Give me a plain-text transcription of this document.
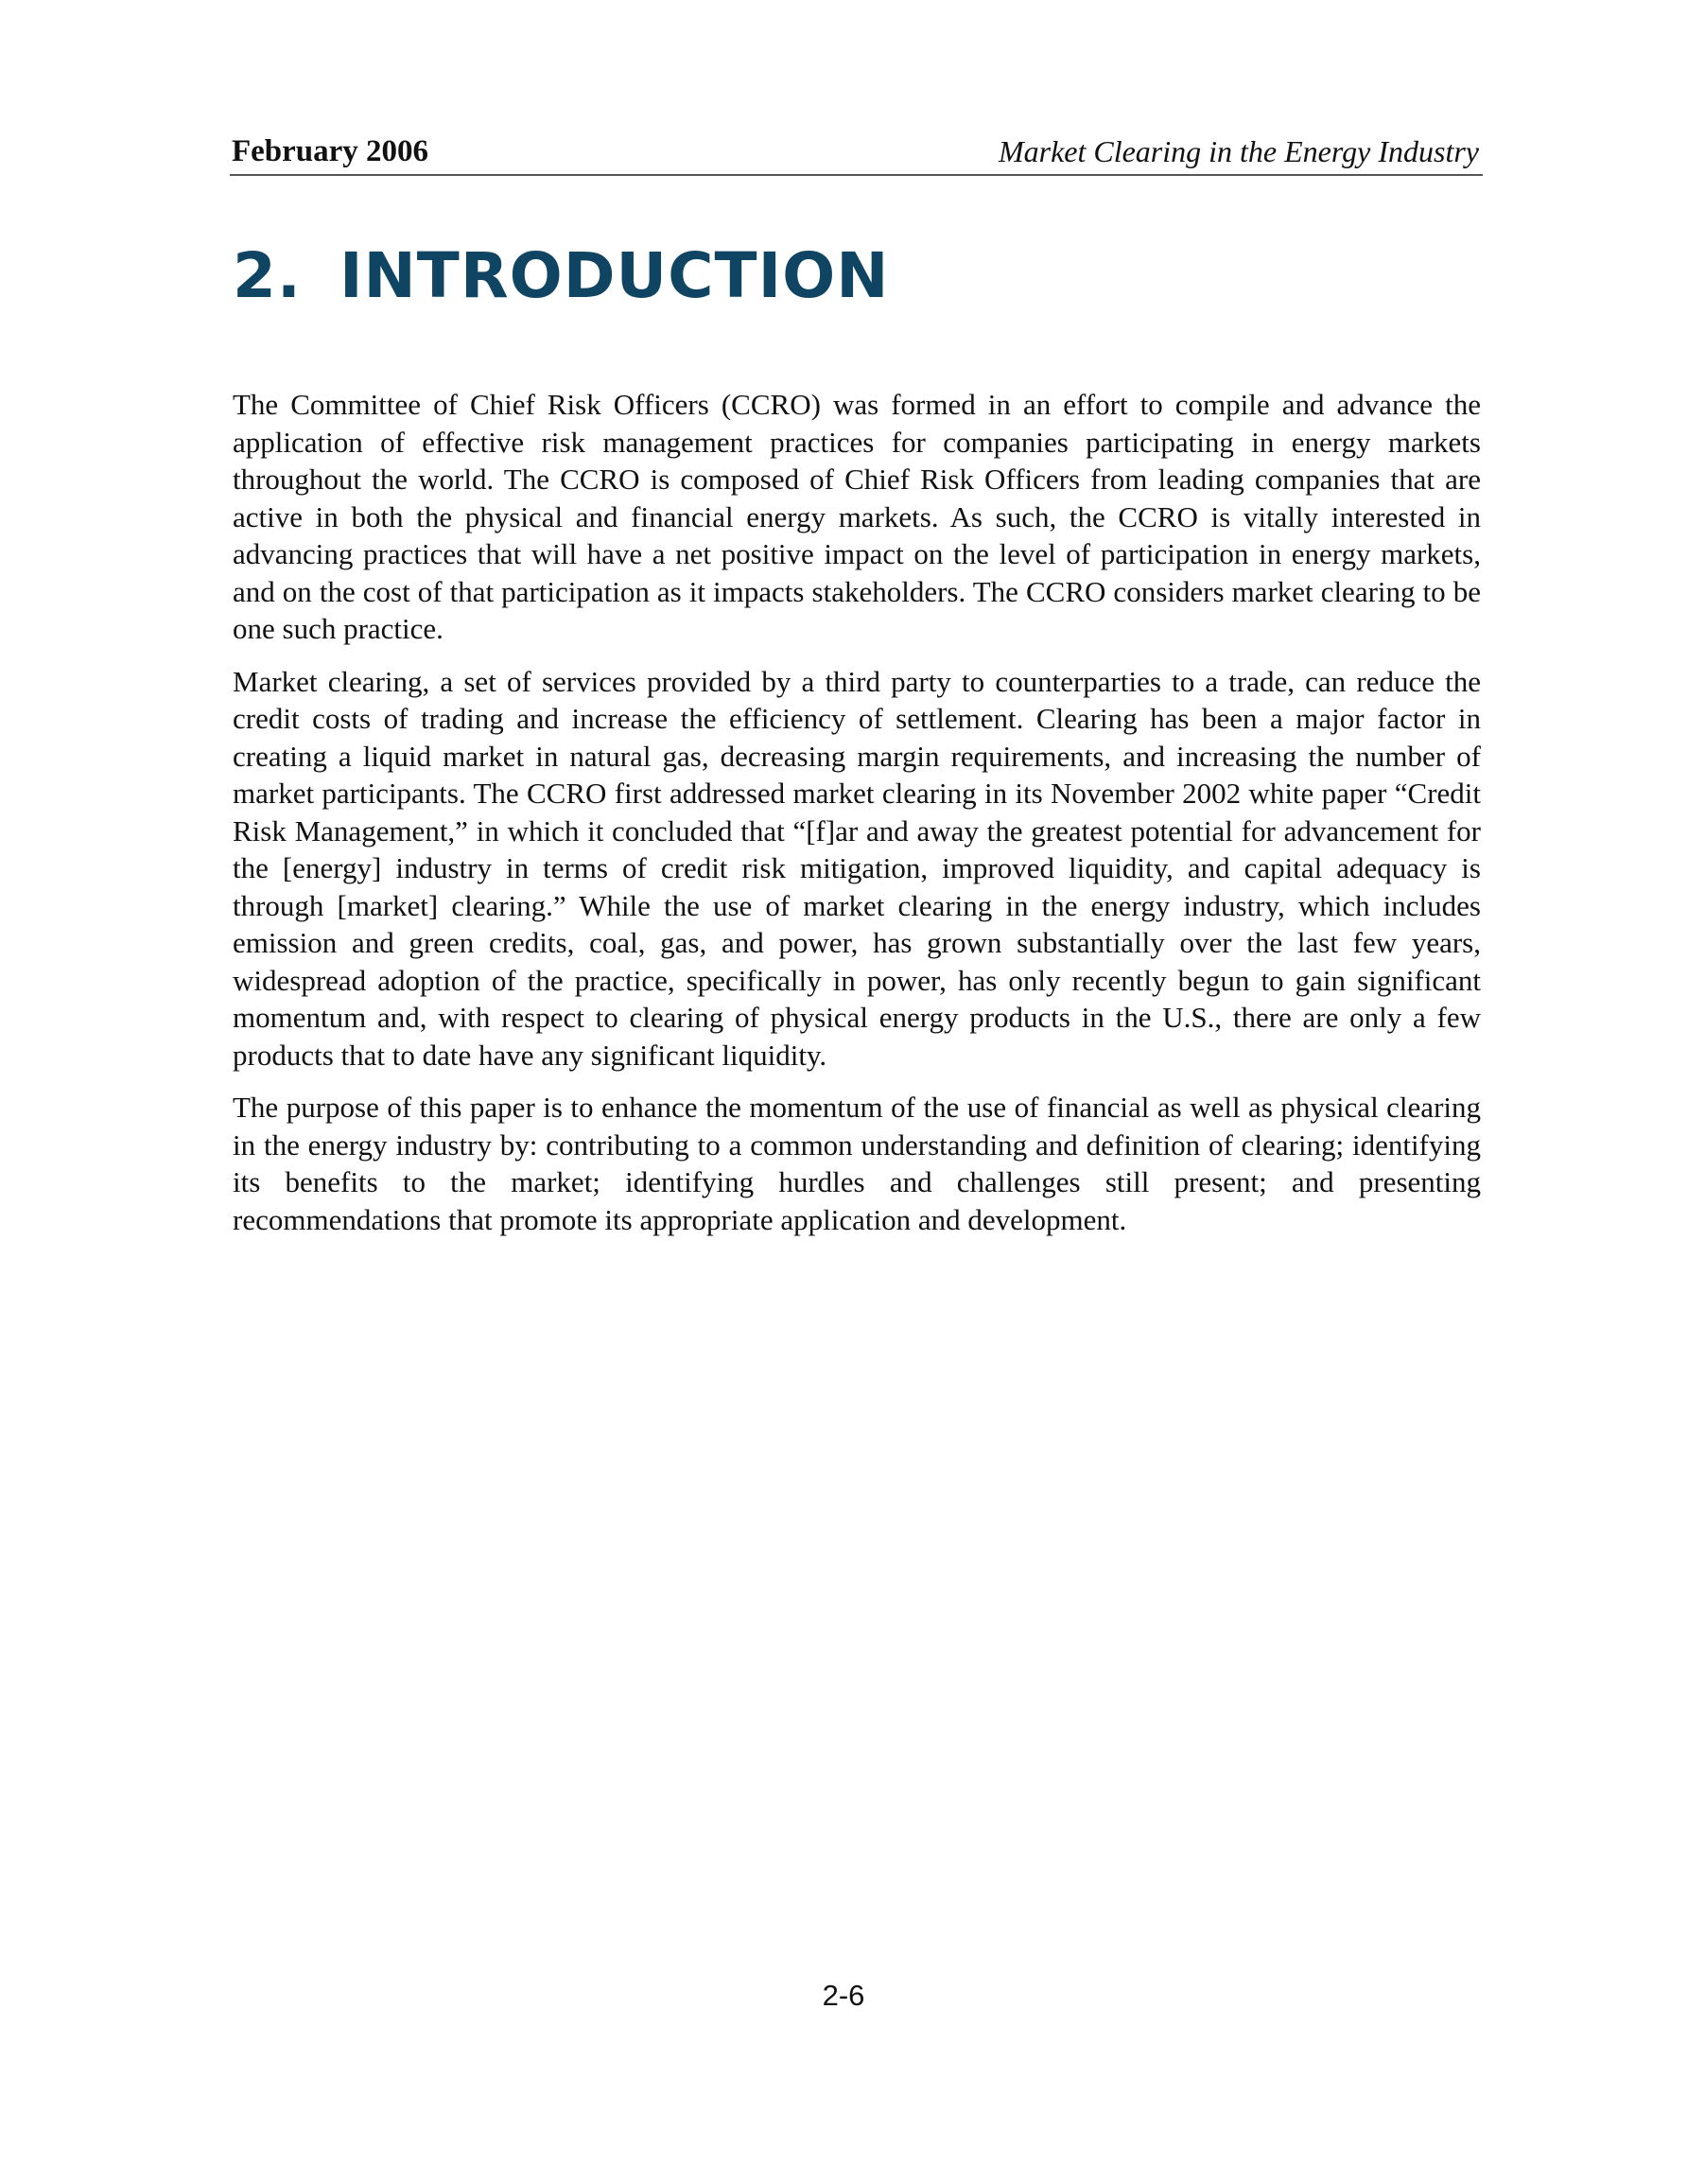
February 2006	Market Clearing in the Energy Industry
2. INTRODUCTION

The Committee of Chief Risk Officers (CCRO) was formed in an effort to compile and advance the application of effective risk management practices for companies participating in energy markets throughout the world. The CCRO is composed of Chief Risk Officers from leading companies that are active in both the physical and financial energy markets. As such, the CCRO is vitally interested in advancing practices that will have a net positive impact on the level of participation in energy markets, and on the cost of that participation as it impacts stakeholders. The CCRO considers market clearing to be one such practice.

Market clearing, a set of services provided by a third party to counterparties to a trade, can reduce the credit costs of trading and increase the efficiency of settlement. Clearing has been a major factor in creating a liquid market in natural gas, decreasing margin requirements, and increasing the number of market participants. The CCRO first addressed market clearing in its November 2002 white paper “Credit Risk Management,” in which it concluded that “[f]ar and away the greatest potential for advancement for the [energy] industry in terms of credit risk mitigation, improved liquidity, and capital adequacy is through [market] clearing.” While the use of market clearing in the energy industry, which includes emission and green credits, coal, gas, and power, has grown substantially over the last few years, widespread adoption of the practice, specifically in power, has only recently begun to gain significant momentum and, with respect to clearing of physical energy products in the U.S., there are only a few products that to date have any significant liquidity.

The purpose of this paper is to enhance the momentum of the use of financial as well as physical clearing in the energy industry by: contributing to a common understanding and definition of clearing; identifying its benefits to the market; identifying hurdles and challenges still present; and presenting recommendations that promote its appropriate application and development.

2-6
